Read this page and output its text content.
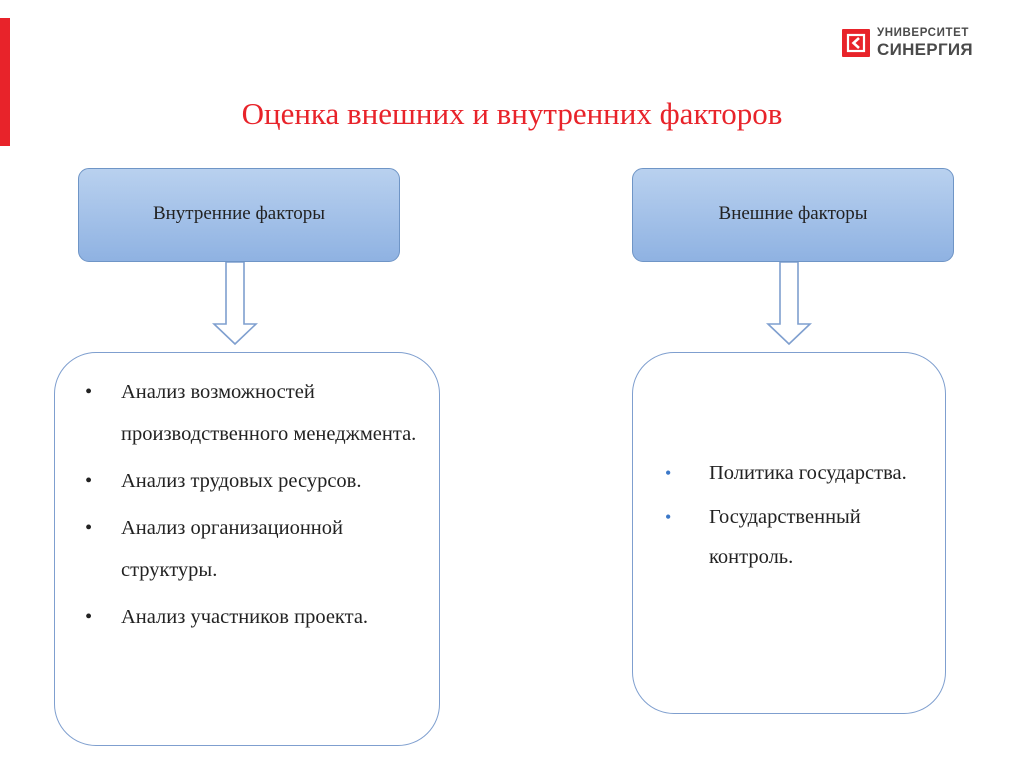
УНИВЕРСИТЕТ
СИНЕРГИЯ
Оценка внешних и внутренних факторов
Внутренние факторы	Внешние факторы
• Анализ возможностей производственного менеджмента.
• Анализ трудовых ресурсов.
• Анализ организационной структуры.
• Анализ участников проекта.
• Политика государства.
• Государственный контроль.
